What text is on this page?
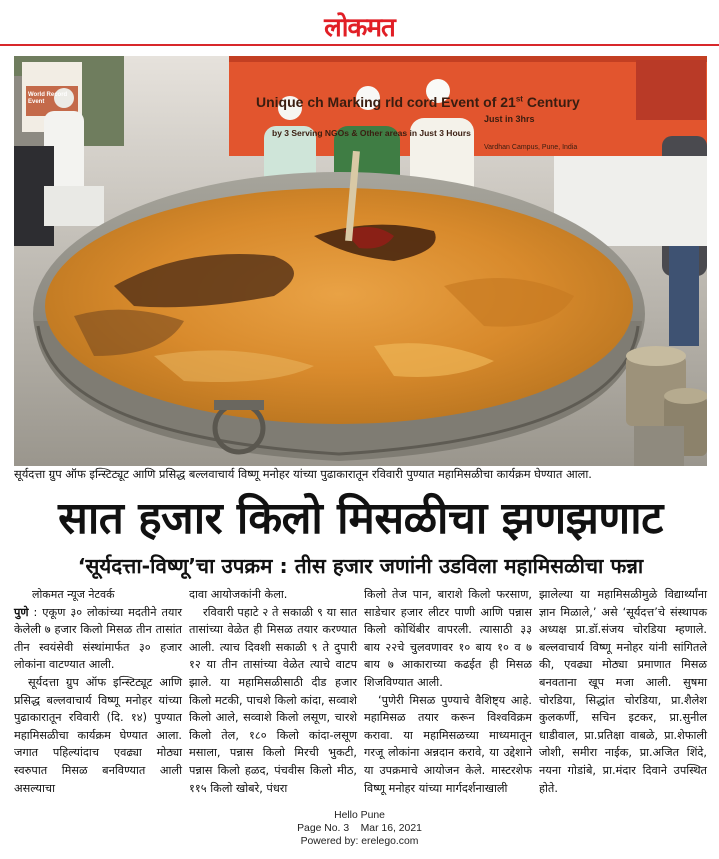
लोकमत
Unique ch Marking rld cord Event of 21st Century
Just in 3hrs
by 3 Serving NGOs & Other areas in Just 3 Hours
Vardhan Campus, Pune, India
World Record Event
सूर्यदत्ता ग्रुप ऑफ इन्स्टिट्यूट आणि प्रसिद्ध बल्लवाचार्य विष्णू मनोहर यांच्या पुढाकारातून रविवारी पुण्यात महामिसळीचा कार्यक्रम घेण्यात आला.
सात हजार किलो मिसळीचा झणझणाट
‘सूर्यदत्ता-विष्णू’चा उपक्रम : तीस हजार जणांनी उडविला महामिसळीचा फन्ना
लोकमत न्यूज नेटवर्क

पुणे : एकूण ३० लोकांच्या मदतीने तयार केलेली ७ हजार किलो मिसळ तीन तासांत तीन स्वयंसेवी संस्थांमार्फत ३० हजार लोकांना वाटण्यात आली.

सूर्यदत्ता ग्रुप ऑफ इन्स्टिट्यूट आणि प्रसिद्ध बल्लवाचार्य विष्णू मनोहर यांच्या पुढाकारातून रविवारी (दि. १४) पुण्यात महामिसळीचा कार्यक्रम घेण्यात आला. जगात पहिल्यांदाच एवढ्या मोठ्या स्वरुपात मिसळ बनविण्यात आली असल्याचा

दावा आयोजकांनी केला.

रविवारी पहाटे २ ते सकाळी ९ या सात तासांच्या वेळेत ही मिसळ तयार करण्यात आली. त्याच दिवशी सकाळी ९ ते दुपारी १२ या तीन तासांच्या वेळेत त्याचे वाटप झाले. या महामिसळीसाठी दीड हजार किलो मटकी, पाचशे किलो कांदा, सव्वाशे किलो आले, सव्वाशे किलो लसूण, चारशे किलो तेल, १८० किलो कांदा-लसूण मसाला, पन्नास किलो मिरची भुकटी, पन्नास किलो हळद, पंचवीस किलो मीठ, ११५ किलो खोबरे, पंधरा

किलो तेज पान, बाराशे किलो फरसाण, साडेचार हजार लीटर पाणी आणि पन्नास किलो कोथिंबीर वापरली. त्यासाठी ३३ बाय २२चे चुलवणावर १० बाय १० व ७ बाय ७ आकाराच्या कढईत ही मिसळ शिजविण्यात आली.

‘पुणेरी मिसळ पुण्याचे वैशिष्ट्य आहे. महामिसळ तयार करून विश्वविक्रम करावा. या महामिसळच्या माध्यमातून गरजू लोकांना अन्नदान करावे, या उद्देशाने या उपक्रमाचे आयोजन केले. मास्टरशेफ विष्णू मनोहर यांच्या मार्गदर्शनाखाली

झालेल्या या महामिसळीमुळे विद्यार्थ्यांना ज्ञान मिळाले,’ असे ‘सूर्यदत्त’चे संस्थापक अध्यक्ष प्रा.डॉ.संजय चोरडिया म्हणाले. बल्लवाचार्य विष्णू मनोहर यांनी सांगितले की, एवढ्या मोठ्या प्रमाणात मिसळ बनवताना खूप मजा आली. सुषमा चोरडिया, सिद्धांत चोरडिया, प्रा.शैलेश कुलकर्णी, सचिन इटकर, प्रा.सुनील धाडीवाल, प्रा.प्रतिक्षा वाबळे, प्रा.शेफाली जोशी, समीरा नाईक, प्रा.अजित शिंदे, नयना गोडांबे, प्रा.मंदार दिवाने उपस्थित होते.

Hello Pune
Page No. 3    Mar 16, 2021
Powered by: erelego.com
